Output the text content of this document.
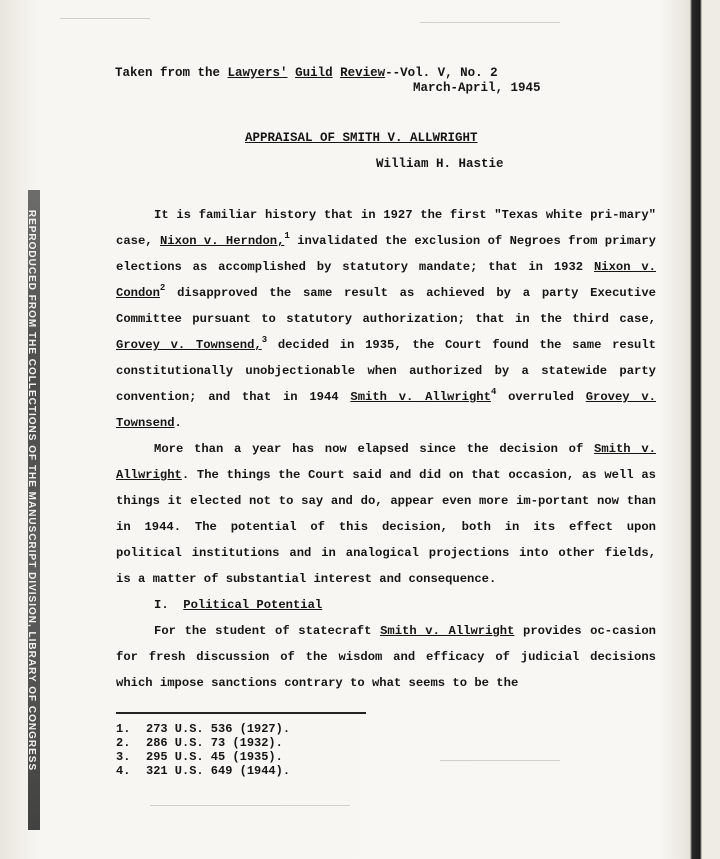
REPRODUCED FROM THE COLLECTIONS OF THE MANUSCRIPT DIVISION, LIBRARY OF CONGRESS
Taken from the Lawyers' Guild Review--Vol. V, No. 2
March-April, 1945
APPRAISAL OF SMITH V. ALLWRIGHT
William H. Hastie

It is familiar history that in 1927 the first "Texas white pri-mary" case, Nixon v. Herndon,$^1$ invalidated the exclusion of Negroes from primary elections as accomplished by statutory mandate; that in 1932 Nixon v. Condon$^2$ disapproved the same result as achieved by a party Executive Committee pursuant to statutory authorization; that in the third case, Grovey v. Townsend,$^3$ decided in 1935, the Court found the same result constitutionally unobjectionable when authorized by a statewide party convention; and that in 1944 Smith v. Allwright$^4$ overruled Grovey v. Townsend.

More than a year has now elapsed since the decision of Smith v. Allwright. The things the Court said and did on that occasion, as well as things it elected not to say and do, appear even more im-portant now than in 1944. The potential of this decision, both in its effect upon political institutions and in analogical projections into other fields, is a matter of substantial interest and consequence.

I. Political Potential

For the student of statecraft Smith v. Allwright provides oc-casion for fresh discussion of the wisdom and efficacy of judicial decisions which impose sanctions contrary to what seems to be the

1. 273 U.S. 536 (1927).
2. 286 U.S. 73 (1932).
3. 295 U.S. 45 (1935).
4. 321 U.S. 649 (1944).
